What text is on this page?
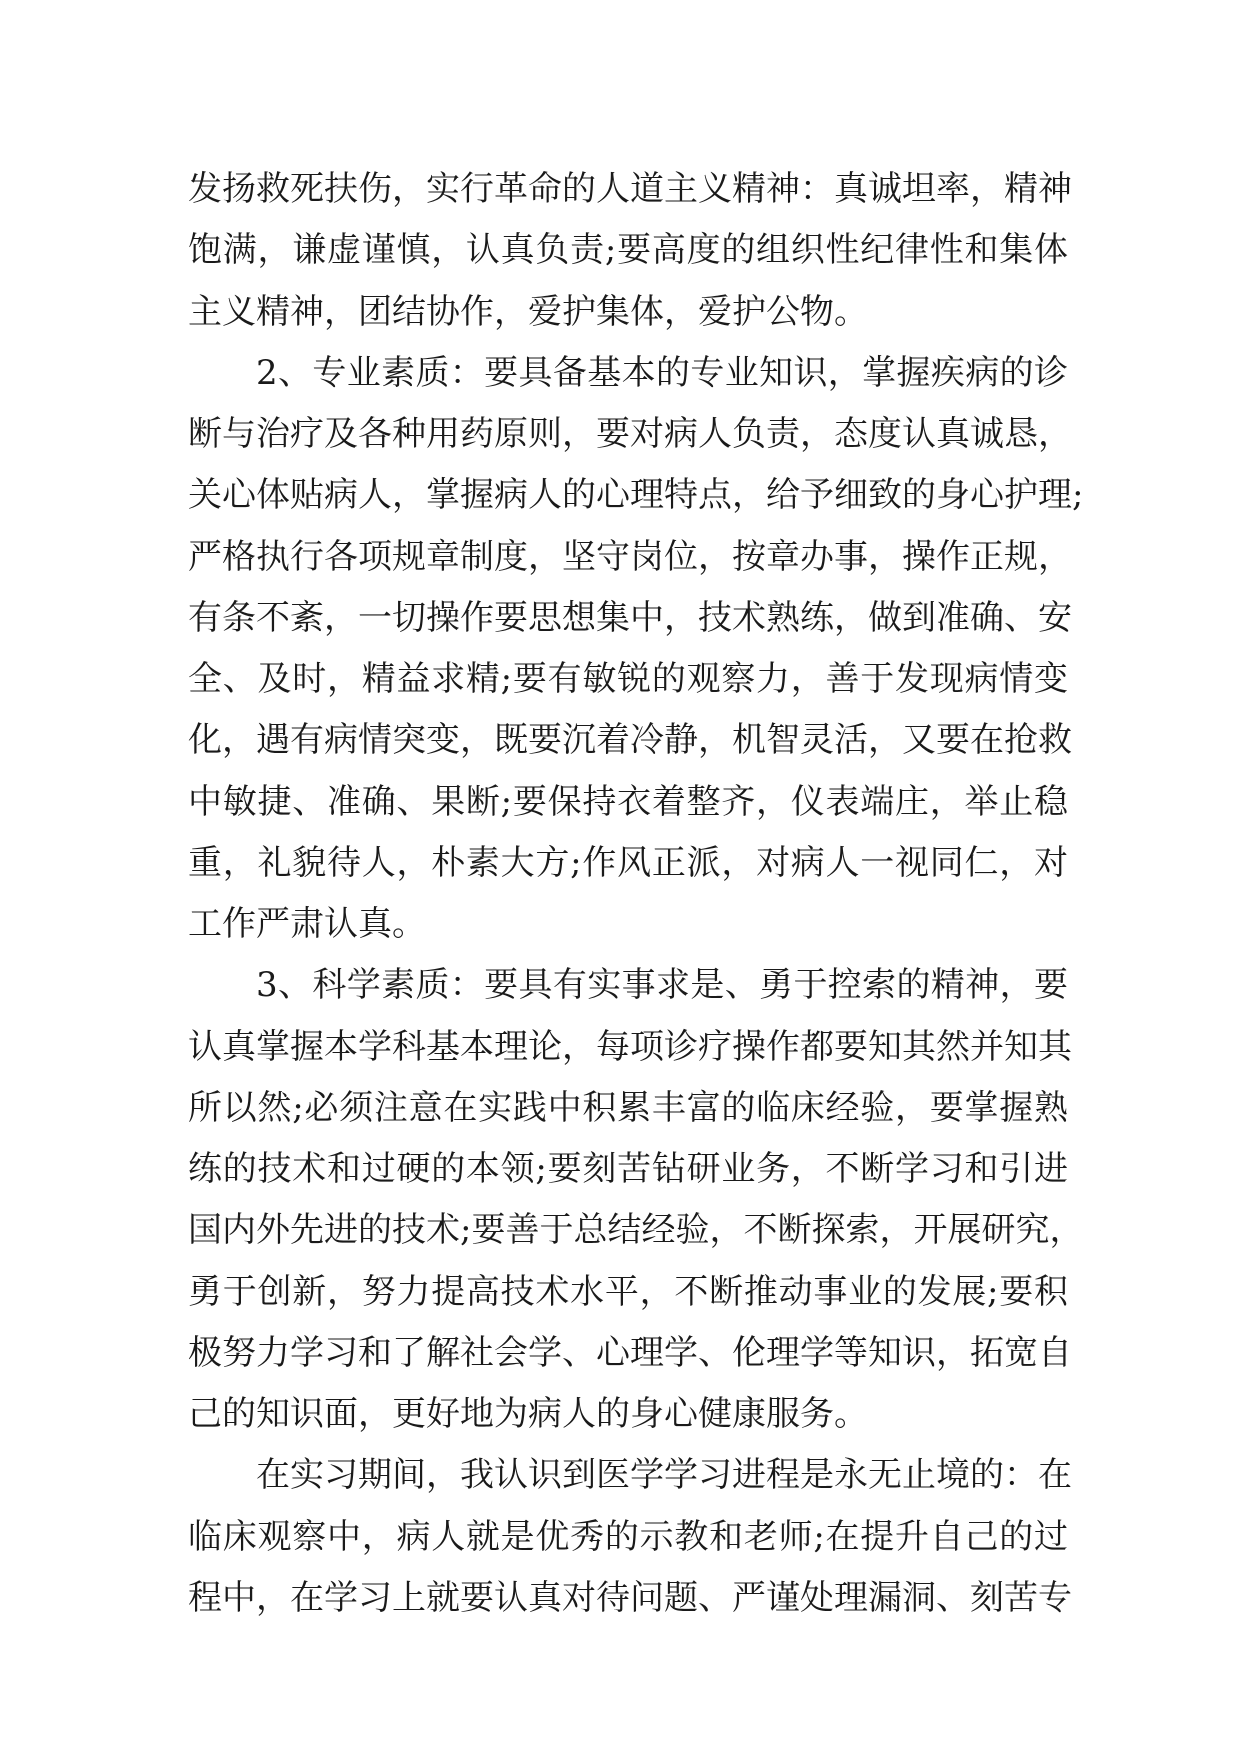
发扬救死扶伤，实行革命的人道主义精神：真诚坦率，精神
饱满，谦虚谨慎，认真负责;要高度的组织性纪律性和集体
主义精神，团结协作，爱护集体，爱护公物。
2、专业素质：要具备基本的专业知识，掌握疾病的诊
断与治疗及各种用药原则，要对病人负责，态度认真诚恳，
关心体贴病人，掌握病人的心理特点，给予细致的身心护理;
严格执行各项规章制度，坚守岗位，按章办事，操作正规，
有条不紊，一切操作要思想集中，技术熟练，做到准确、安
全、及时，精益求精;要有敏锐的观察力，善于发现病情变
化，遇有病情突变，既要沉着冷静，机智灵活，又要在抢救
中敏捷、准确、果断;要保持衣着整齐，仪表端庄，举止稳
重，礼貌待人，朴素大方;作风正派，对病人一视同仁，对
工作严肃认真。
3、科学素质：要具有实事求是、勇于控索的精神，要
认真掌握本学科基本理论，每项诊疗操作都要知其然并知其
所以然;必须注意在实践中积累丰富的临床经验，要掌握熟
练的技术和过硬的本领;要刻苦钻研业务，不断学习和引进
国内外先进的技术;要善于总结经验，不断探索，开展研究，
勇于创新，努力提高技术水平，不断推动事业的发展;要积
极努力学习和了解社会学、心理学、伦理学等知识，拓宽自
己的知识面，更好地为病人的身心健康服务。
在实习期间，我认识到医学学习进程是永无止境的：在
临床观察中，病人就是优秀的示教和老师;在提升自己的过
程中，在学习上就要认真对待问题、严谨处理漏洞、刻苦专
